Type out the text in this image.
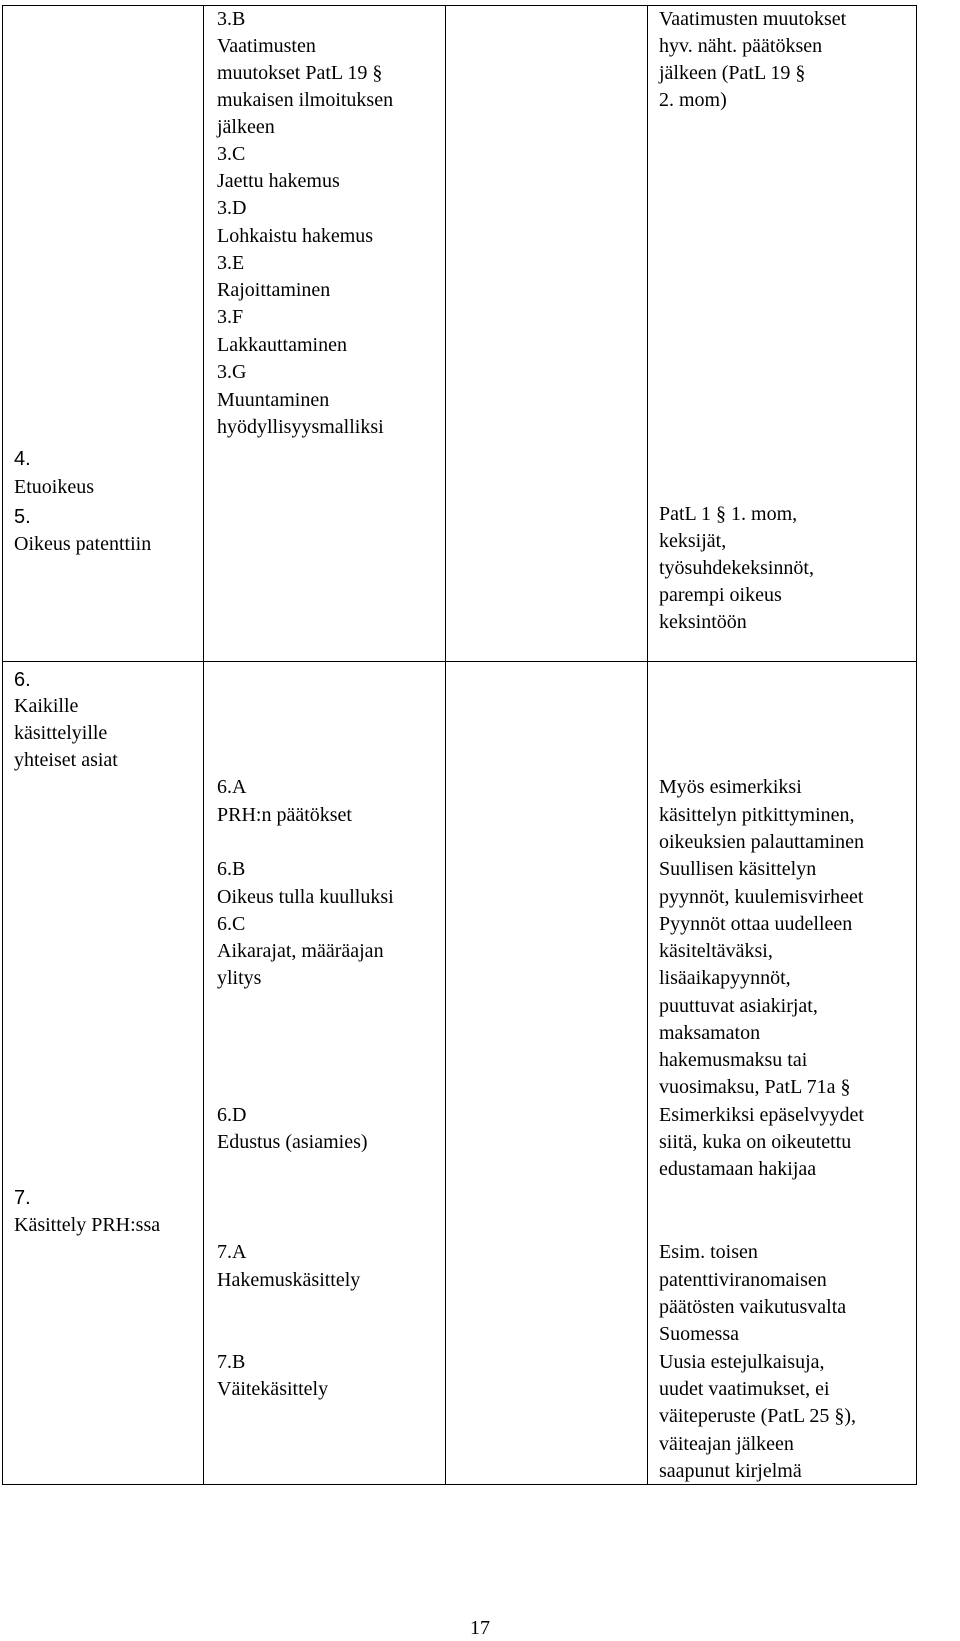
4.
Etuoikeus
5.
Oikeus patenttiin
6.
Kaikille
käsittelyille
yhteiset asiat
7.
Käsittely PRH:ssa
3.B
Vaatimusten
muutokset PatL 19 §
mukaisen ilmoituksen
jälkeen
3.C
Jaettu hakemus
3.D
Lohkaistu hakemus
3.E
Rajoittaminen
3.F
Lakkauttaminen
3.G
Muuntaminen
hyödyllisyysmalliksi
6.A
PRH:n päätökset
6.B
Oikeus tulla kuulluksi
6.C
Aikarajat, määräajan
ylitys
6.D
Edustus (asiamies)
7.A
Hakemuskäsittely
7.B
Väitekäsittely
Vaatimusten muutokset
hyv. näht. päätöksen
jälkeen (PatL 19 §
2. mom)
PatL 1 § 1. mom,
keksijät,
työsuhdekeksinnöt,
parempi oikeus
keksintöön
Myös esimerkiksi
käsittelyn pitkittyminen,
oikeuksien palauttaminen
Suullisen käsittelyn
pyynnöt, kuulemisvirheet
Pyynnöt ottaa uudelleen
käsiteltäväksi,
lisäaikapyynnöt,
puuttuvat asiakirjat,
maksamaton
hakemusmaksu tai
vuosimaksu, PatL 71a §
Esimerkiksi epäselvyydet
siitä, kuka on oikeutettu
edustamaan hakijaa
Esim. toisen
patenttiviranomaisen
päätösten vaikutusvalta
Suomessa
Uusia estejulkaisuja,
uudet vaatimukset, ei
väiteperuste (PatL 25 §),
väiteajan jälkeen
saapunut kirjelmä
17
